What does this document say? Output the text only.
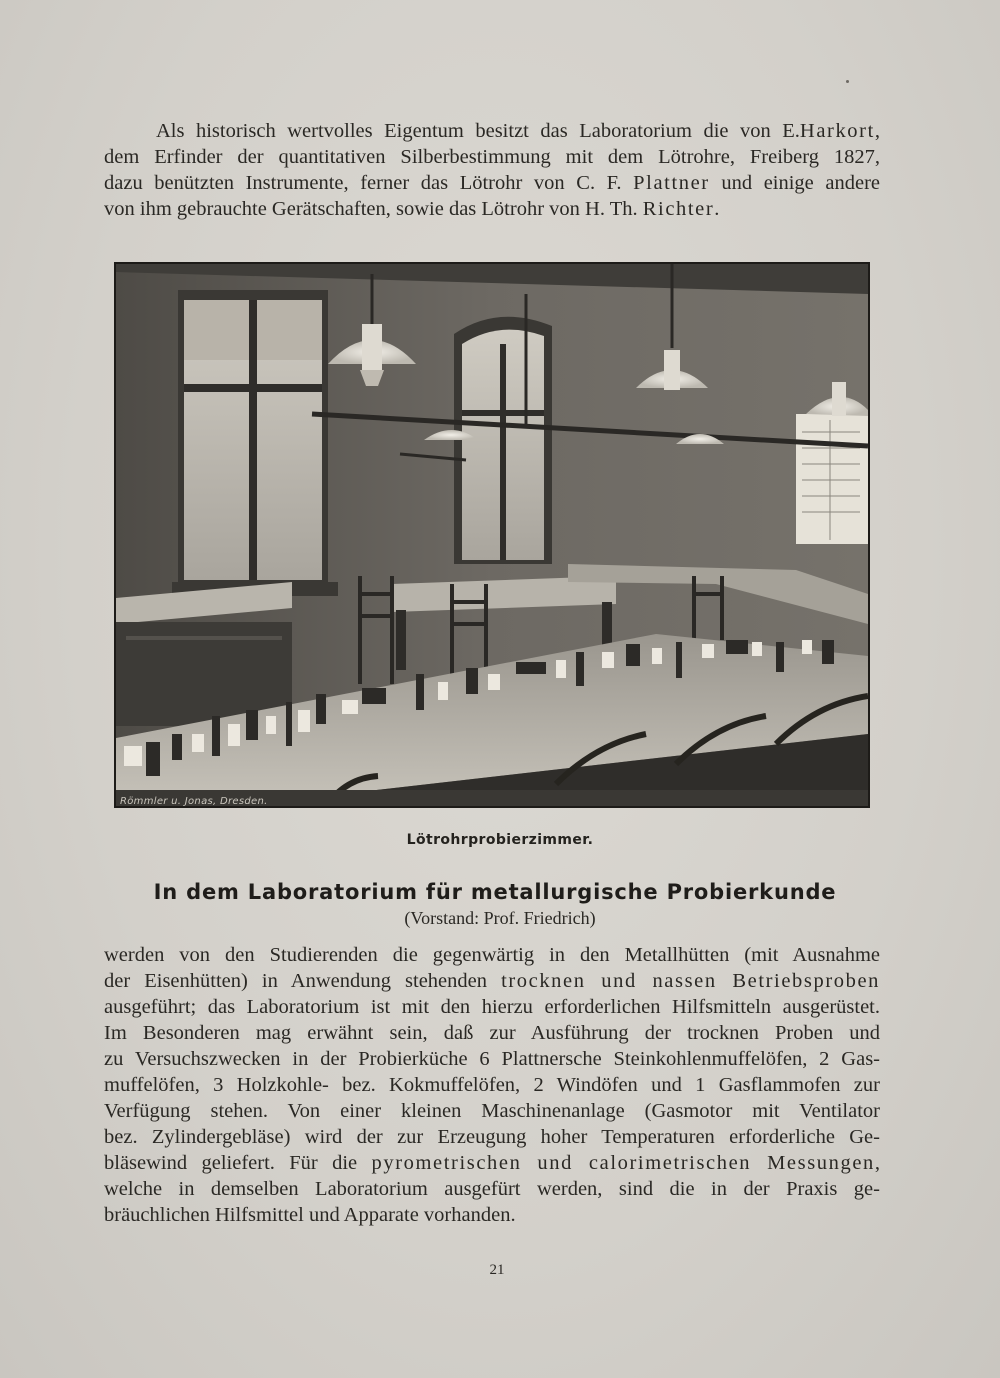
Als historisch wertvolles Eigentum besitzt das Laboratorium die von E.Harkort,
dem Erfinder der quantitativen Silberbestimmung mit dem Lötrohre, Freiberg 1827,
dazu benützten Instrumente, ferner das Lötrohr von C. F. Plattner und einige andere
von ihm gebrauchte Gerätschaften, sowie das Lötrohr von H. Th. Richter.

Römmler u. Jonas, Dresden.
Lötrohrprobierzimmer.
In dem Laboratorium für metallurgische Probierkunde
(Vorstand: Prof. Friedrich)

werden von den Studierenden die gegenwärtig in den Metallhütten (mit Ausnahme
der Eisenhütten) in Anwendung stehenden trocknen und nassen Betriebsproben
ausgeführt; das Laboratorium ist mit den hierzu erforderlichen Hilfsmitteln ausgerüstet.
Im Besonderen mag erwähnt sein, daß zur Ausführung der trocknen Proben und
zu Versuchszwecken in der Probierküche 6 Plattnersche Steinkohlenmuffelöfen, 2 Gas-
muffelöfen, 3 Holzkohle- bez. Kokmuffelöfen, 2 Windöfen und 1 Gasflammofen zur
Verfügung stehen. Von einer kleinen Maschinenanlage (Gasmotor mit Ventilator
bez. Zylindergebläse) wird der zur Erzeugung hoher Temperaturen erforderliche Ge-
bläsewind geliefert. Für die pyrometrischen und calorimetrischen Messungen,
welche in demselben Laboratorium ausgefürt werden, sind die in der Praxis ge-
bräuchlichen Hilfsmittel und Apparate vorhanden.

21
